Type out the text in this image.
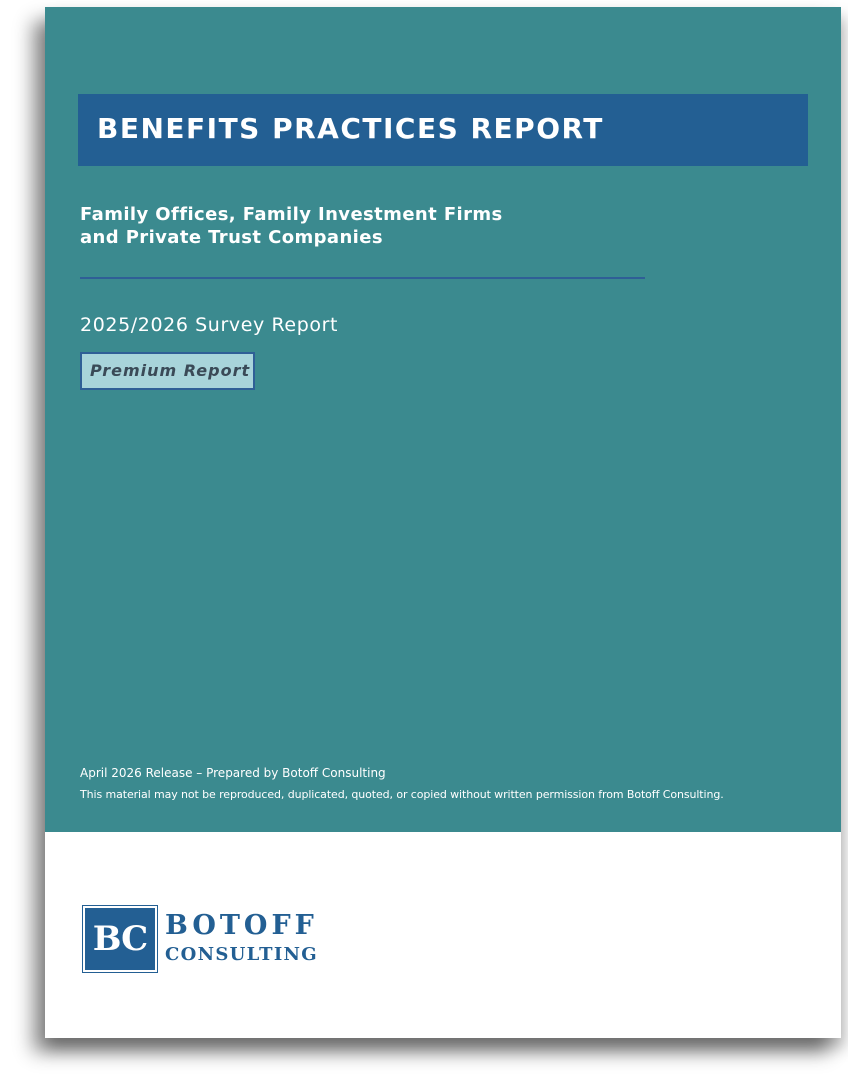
BENEFITS PRACTICES REPORT
Family Offices, Family Investment Firms
and Private Trust Companies
2025/2026 Survey Report
Premium Report
April 2026 Release – Prepared by Botoff Consulting
This material may not be reproduced, duplicated, quoted, or copied without written permission from Botoff Consulting.
BC BOTOFF
CONSULTING
